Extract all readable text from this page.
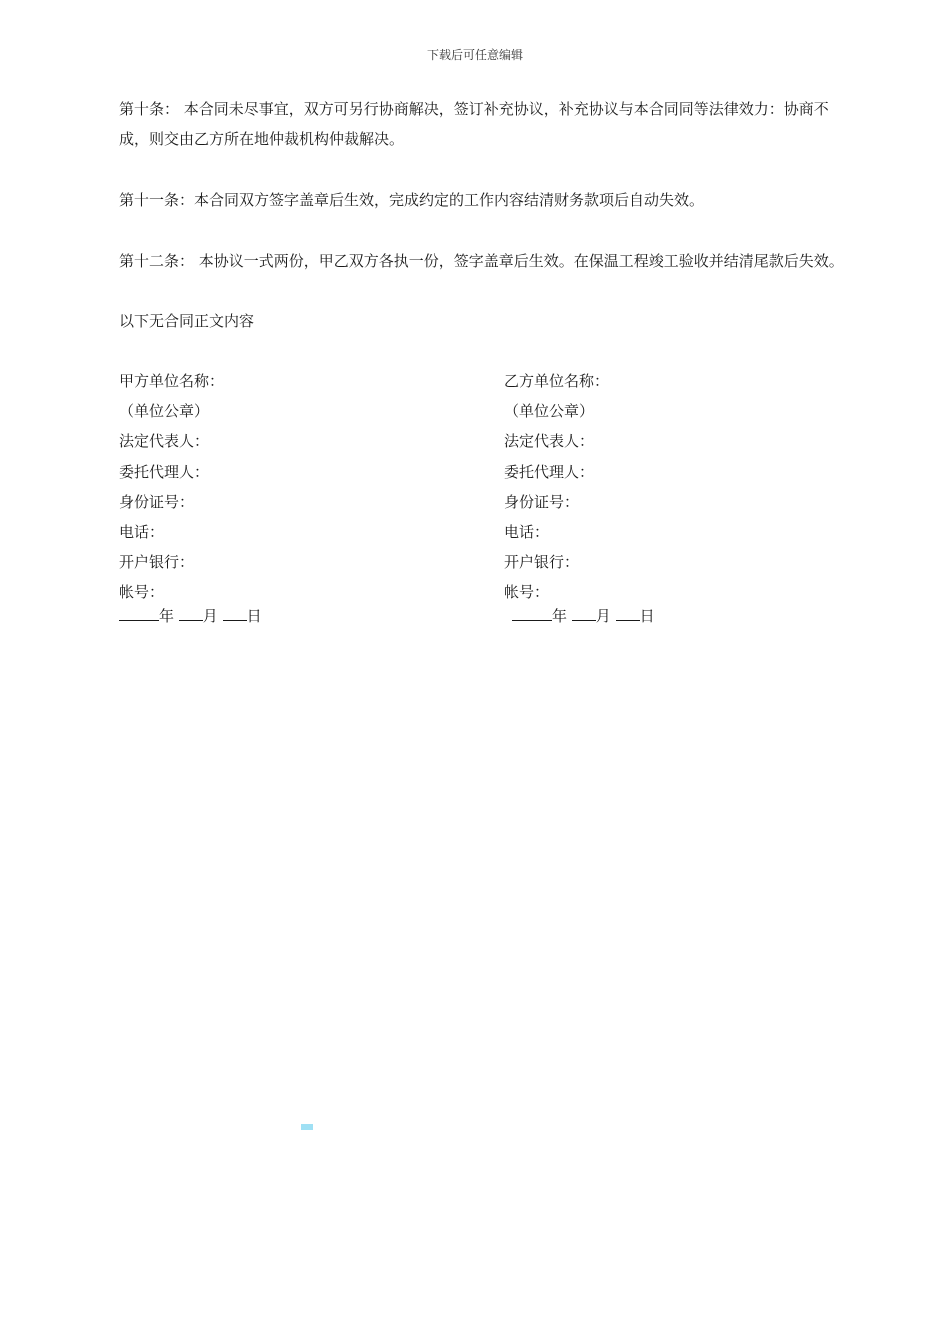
下载后可任意编辑

第十条： 本合同未尽事宜，双方可另行协商解决，签订补充协议，补充协议与本合同同等法律效力：协商不成，则交由乙方所在地仲裁机构仲裁解决。

第十一条：本合同双方签字盖章后生效，完成约定的工作内容结清财务款项后自动失效。

第十二条： 本协议一式两份，甲乙双方各执一份，签字盖章后生效。在保温工程竣工验收并结清尾款后失效。

以下无合同正文内容

甲方单位名称：
（单位公章）
法定代表人：
委托代理人：
身份证号：
电话：
开户银行：
帐号：
乙方单位名称：
（单位公章）
法定代表人：
委托代理人：
身份证号：
电话：
开户银行：
帐号：
年 月 日	年 月 日
